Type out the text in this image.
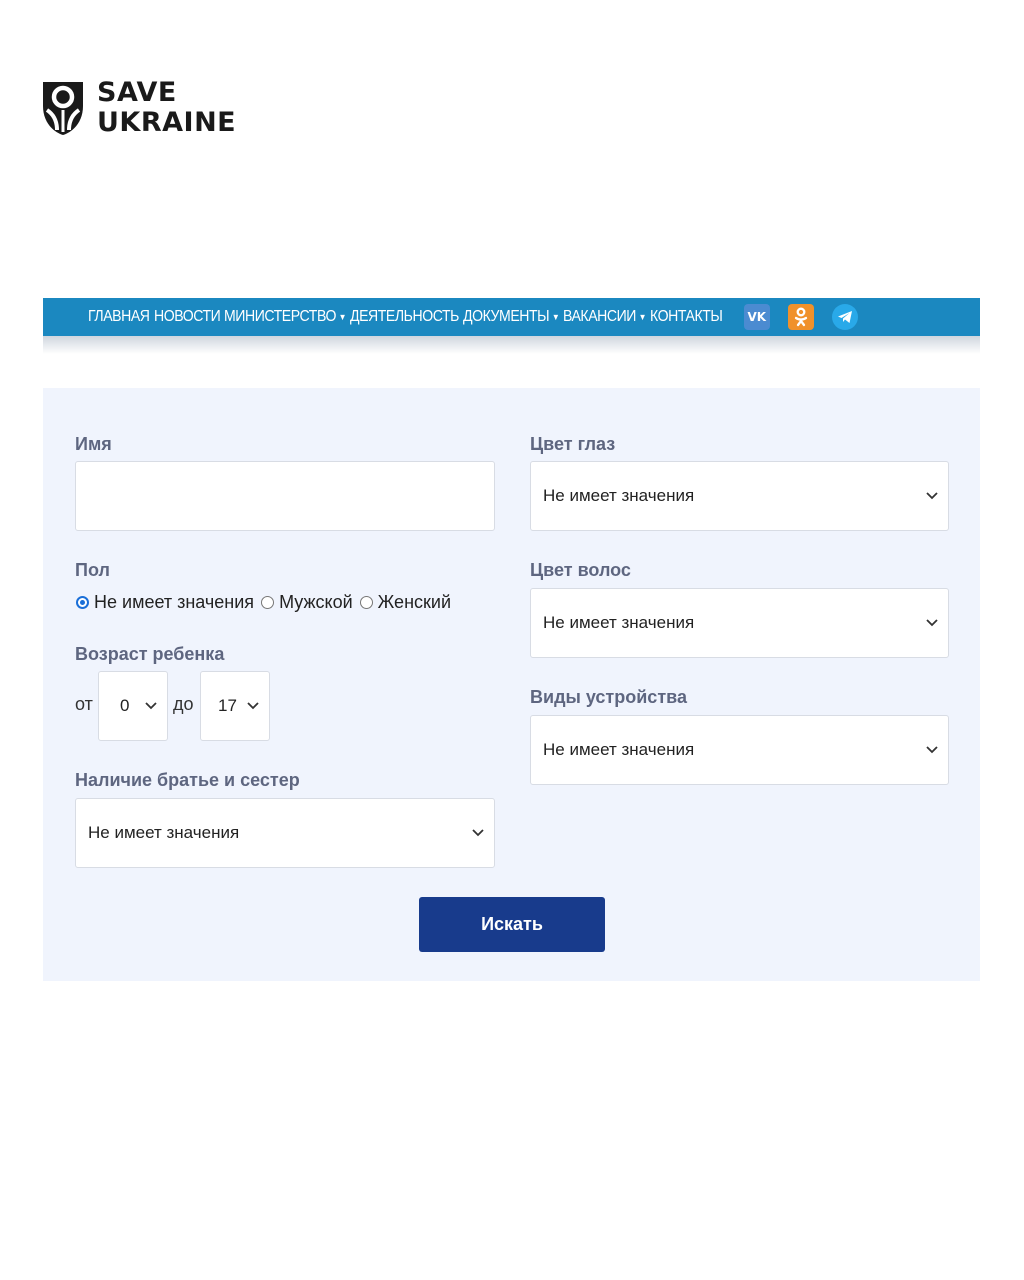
SAVE
UKRAINE
ГЛАВНАЯ НОВОСТИ МИНИСТЕРСТВО ▼ ДЕЯТЕЛЬНОСТЬ ДОКУМЕНТЫ ▼ ВАКАНСИИ ▼ КОНТАКТЫ	VK
Имя
Пол
Не имеет значения Мужской Женский
Возраст ребенка
от 0 до 17
Наличие братье и сестер
Не имеет значения
Цвет глаз
Не имеет значения
Цвет волос
Не имеет значения
Виды устройства
Не имеет значения
Искать
